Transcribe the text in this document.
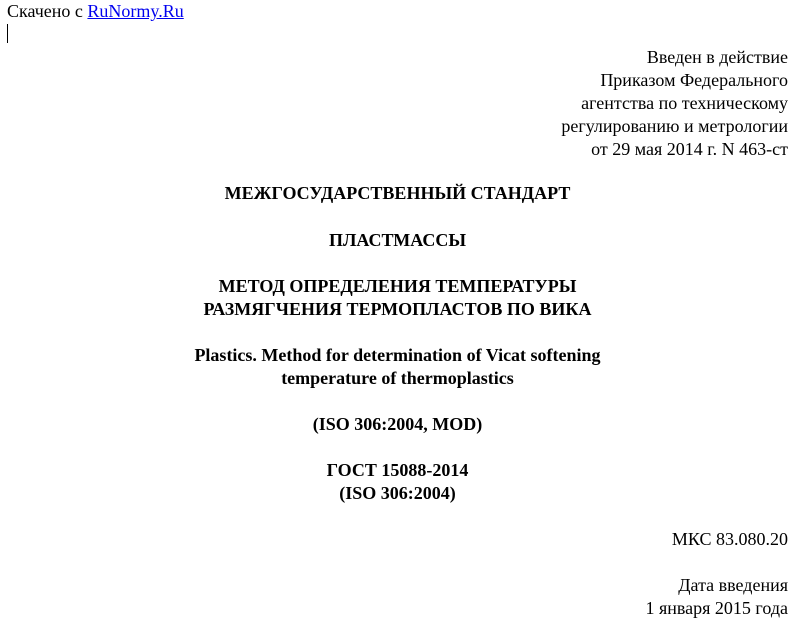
Скачено с RuNormy.Ru
Введен в действие
Приказом Федерального
агентства по техническому
регулированию и метрологии
от 29 мая 2014 г. N 463-ст
МЕЖГОСУДАРСТВЕННЫЙ СТАНДАРТ
ПЛАСТМАССЫ
МЕТОД ОПРЕДЕЛЕНИЯ ТЕМПЕРАТУРЫ
РАЗМЯГЧЕНИЯ ТЕРМОПЛАСТОВ ПО ВИКА
Plastics. Method for determination of Vicat softening
temperature of thermoplastics
(ISO 306:2004, MOD)
ГОСТ 15088-2014
(ISO 306:2004)
МКС 83.080.20
Дата введения
1 января 2015 года
